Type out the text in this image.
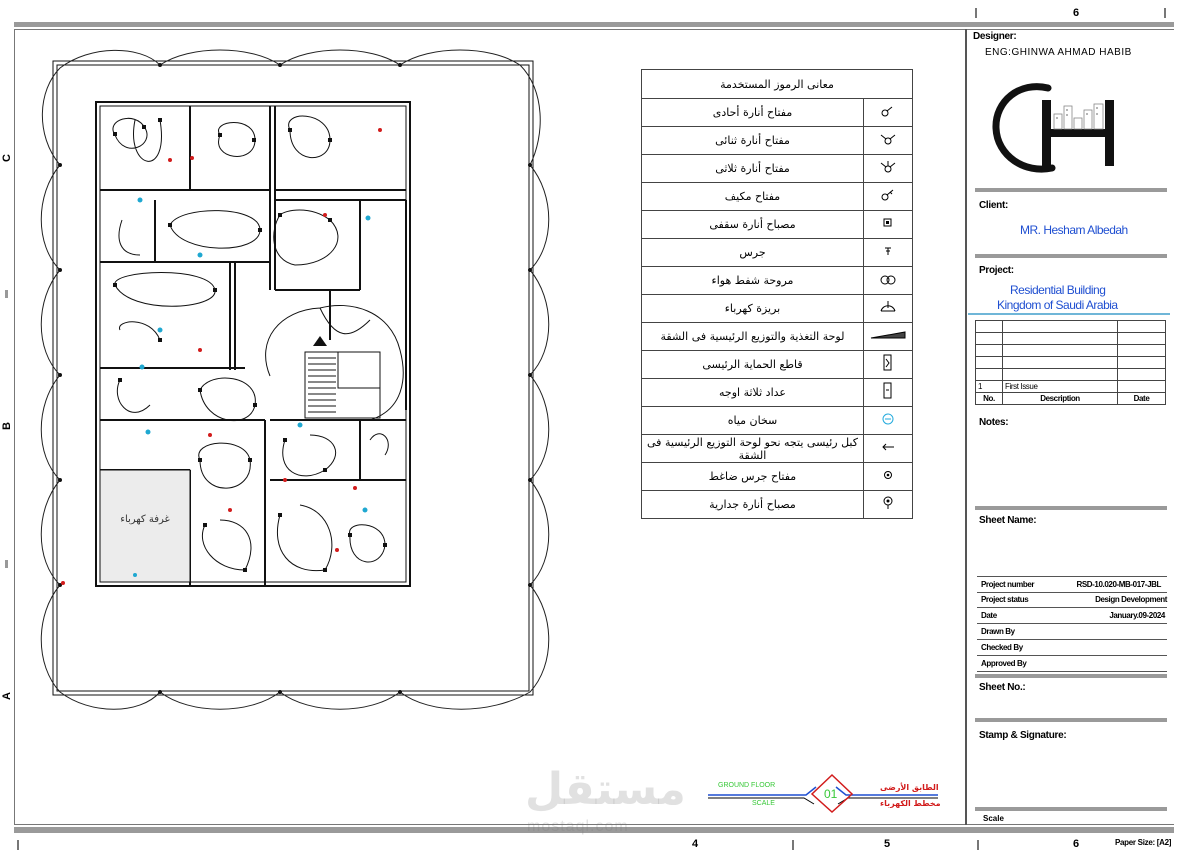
6
4	5	6
C
B
A
غرفة كهرباء
معانى الرموز المستخدمة	
مفتاح أنارة أحادى	
مفتاح أنارة ثنائى	
مفتاح أنارة ثلاثى	
مفتاح مكيف	
مصباح أنارة سقفى	
جرس	
مروحة شفط هواء	
بريزة كهرباء	
لوحة التغذية والتوزيع الرئيسية فى الشقة	
قاطع الحماية الرئيسى	
عداد ثلاثة اوجه	
سخان مياه	
كبل رئيسى يتجه نحو لوحة التوزيع الرئيسية فى الشقة	
مفتاح جرس ضاغط	
مصباح أنارة جدارية	
GROUND FLOOR
SCALE
01	الطابق الأرضى
مخطط الكهرباء
مستقل
mostaql.com
Designer:
ENG:GHINWA AHMAD HABIB
Client:
MR. Hesham Albedah
Project:
Residential Building
Kingdom of Saudi Arabia

1	First Issue	
No.	Description	Date
Notes:
Sheet Name:
Project number	RSD-10.020-MB-017-JBL
Project status	Design Development
Date	January.09-2024
Drawn By
Checked By
Approved By
Sheet No.:
Stamp & Signature:
Scale
Paper Size: [A2]
